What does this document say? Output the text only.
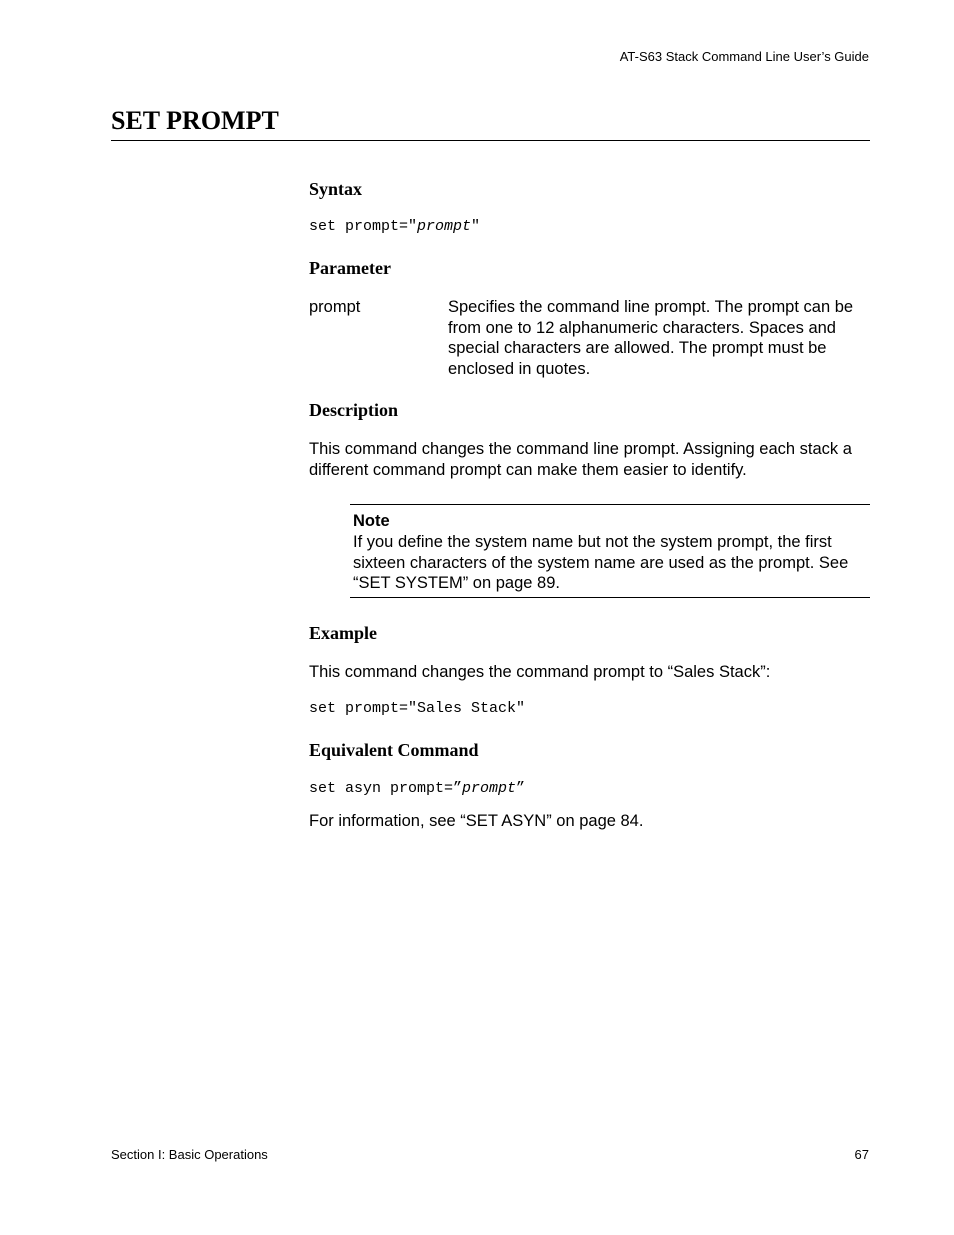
AT-S63 Stack Command Line User’s Guide
SET PROMPT
Syntax
set prompt="prompt"
Parameter
prompt	Specifies the command line prompt. The prompt can be from one to 12 alphanumeric characters. Spaces and special characters are allowed. The prompt must be enclosed in quotes.
Description
This command changes the command line prompt. Assigning each stack a different command prompt can make them easier to identify.
Note
If you define the system name but not the system prompt, the first sixteen characters of the system name are used as the prompt. See “SET SYSTEM” on page 89.
Example
This command changes the command prompt to “Sales Stack”:
set prompt="Sales Stack"
Equivalent Command
set asyn prompt=”prompt”
For information, see “SET ASYN” on page 84.
Section I: Basic Operations	67
